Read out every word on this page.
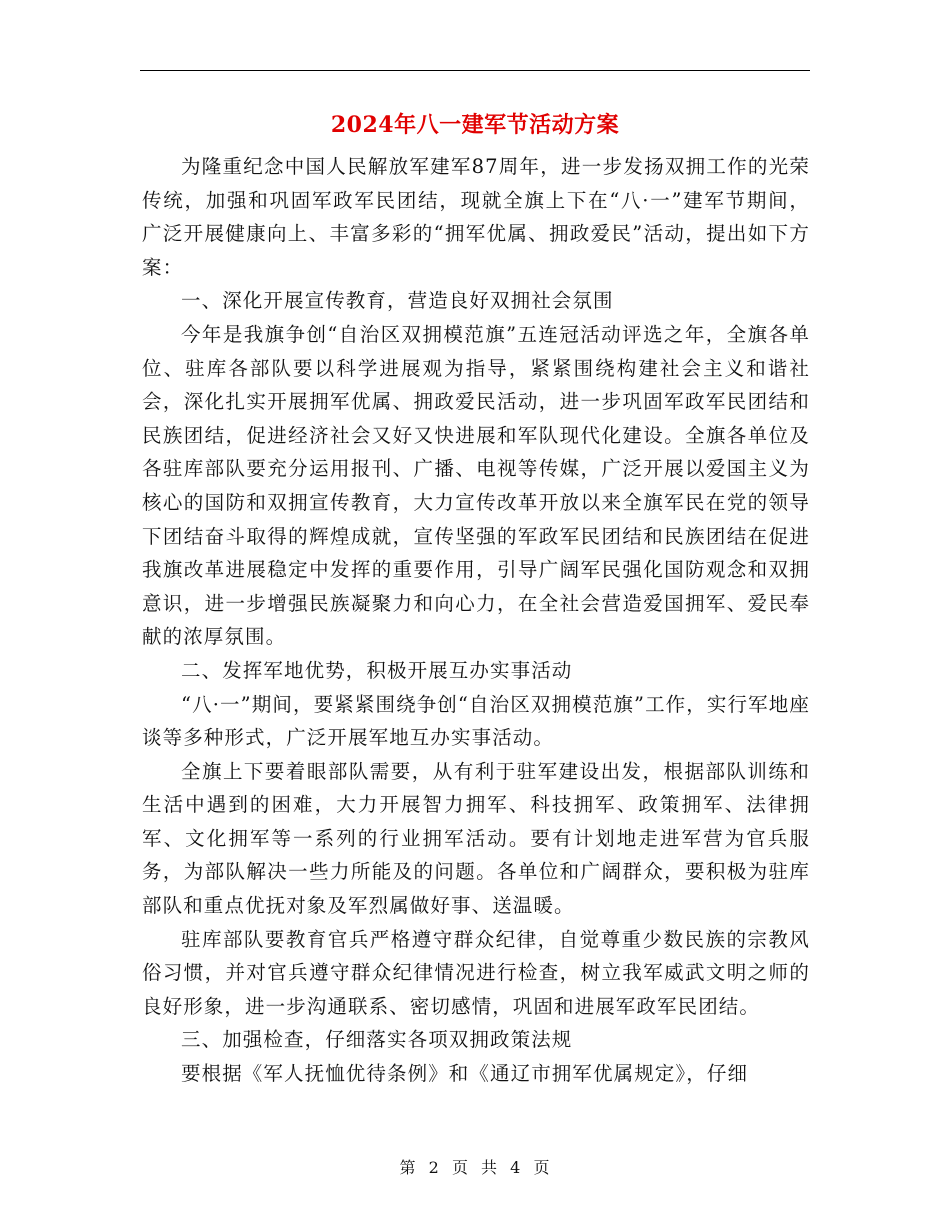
2024年八一建军节活动方案

为隆重纪念中国人民解放军建军87周年，进一步发扬双拥工作的光荣传统，加强和巩固军政军民团结，现就全旗上下在“八·一”建军节期间，广泛开展健康向上、丰富多彩的“拥军优属、拥政爱民”活动，提出如下方案：

一、深化开展宣传教育，营造良好双拥社会氛围

今年是我旗争创“自治区双拥模范旗”五连冠活动评选之年，全旗各单位、驻库各部队要以科学进展观为指导，紧紧围绕构建社会主义和谐社会，深化扎实开展拥军优属、拥政爱民活动，进一步巩固军政军民团结和民族团结，促进经济社会又好又快进展和军队现代化建设。全旗各单位及各驻库部队要充分运用报刊、广播、电视等传媒，广泛开展以爱国主义为核心的国防和双拥宣传教育，大力宣传改革开放以来全旗军民在党的领导下团结奋斗取得的辉煌成就，宣传坚强的军政军民团结和民族团结在促进我旗改革进展稳定中发挥的重要作用，引导广阔军民强化国防观念和双拥意识，进一步增强民族凝聚力和向心力，在全社会营造爱国拥军、爱民奉献的浓厚氛围。

二、发挥军地优势，积极开展互办实事活动

“八·一”期间，要紧紧围绕争创“自治区双拥模范旗”工作，实行军地座谈等多种形式，广泛开展军地互办实事活动。

全旗上下要着眼部队需要，从有利于驻军建设出发，根据部队训练和生活中遇到的困难，大力开展智力拥军、科技拥军、政策拥军、法律拥军、文化拥军等一系列的行业拥军活动。要有计划地走进军营为官兵服务，为部队解决一些力所能及的问题。各单位和广阔群众，要积极为驻库部队和重点优抚对象及军烈属做好事、送温暖。

驻库部队要教育官兵严格遵守群众纪律，自觉尊重少数民族的宗教风俗习惯，并对官兵遵守群众纪律情况进行检查，树立我军威武文明之师的良好形象，进一步沟通联系、密切感情，巩固和进展军政军民团结。

三、加强检查，仔细落实各项双拥政策法规

要根据《军人抚恤优待条例》和《通辽市拥军优属规定》，仔细

第 2 页 共 4 页
